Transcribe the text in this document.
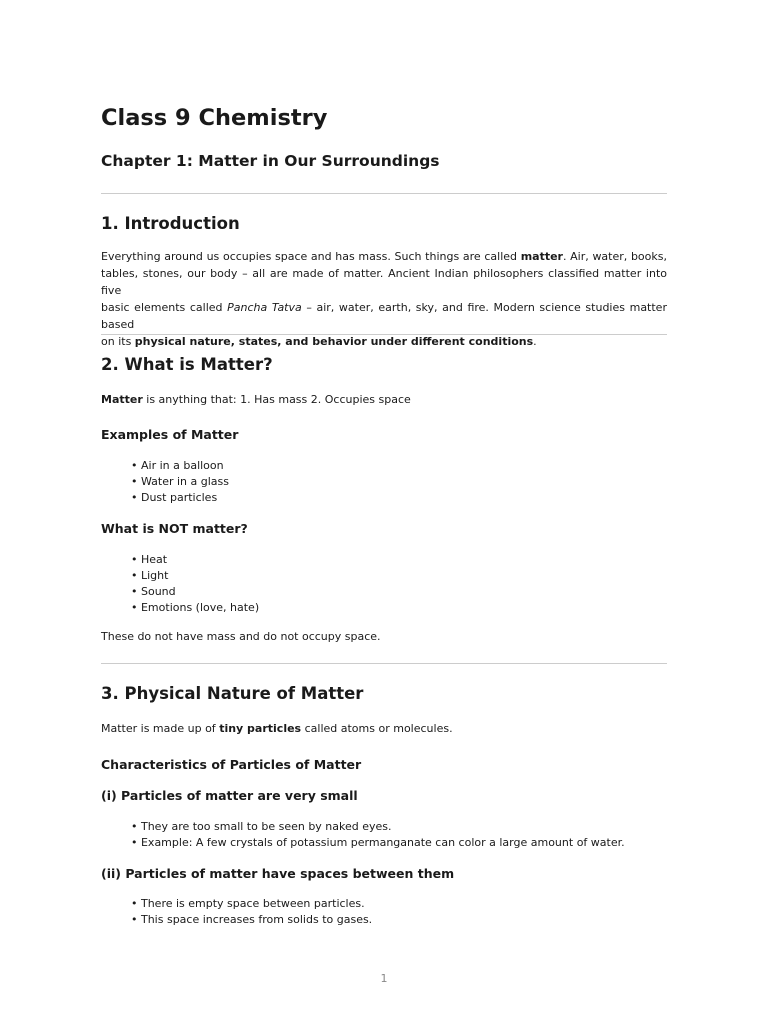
Class 9 Chemistry
Chapter 1: Matter in Our Surroundings
1. Introduction
Everything around us occupies space and has mass. Such things are called matter. Air, water, books,
tables, stones, our body – all are made of matter. Ancient Indian philosophers classified matter into five
basic elements called Pancha Tatva – air, water, earth, sky, and fire. Modern science studies matter based
on its physical nature, states, and behavior under different conditions.
2. What is Matter?

Matter is anything that: 1. Has mass 2. Occupies space

Examples of Matter
• Air in a balloon
• Water in a glass
• Dust particles
What is NOT matter?
• Heat
• Light
• Sound
• Emotions (love, hate)

These do not have mass and do not occupy space.

3. Physical Nature of Matter

Matter is made up of tiny particles called atoms or molecules.

Characteristics of Particles of Matter
(i) Particles of matter are very small
• They are too small to be seen by naked eyes.
• Example: A few crystals of potassium permanganate can color a large amount of water.
(ii) Particles of matter have spaces between them
• There is empty space between particles.
• This space increases from solids to gases.
1
